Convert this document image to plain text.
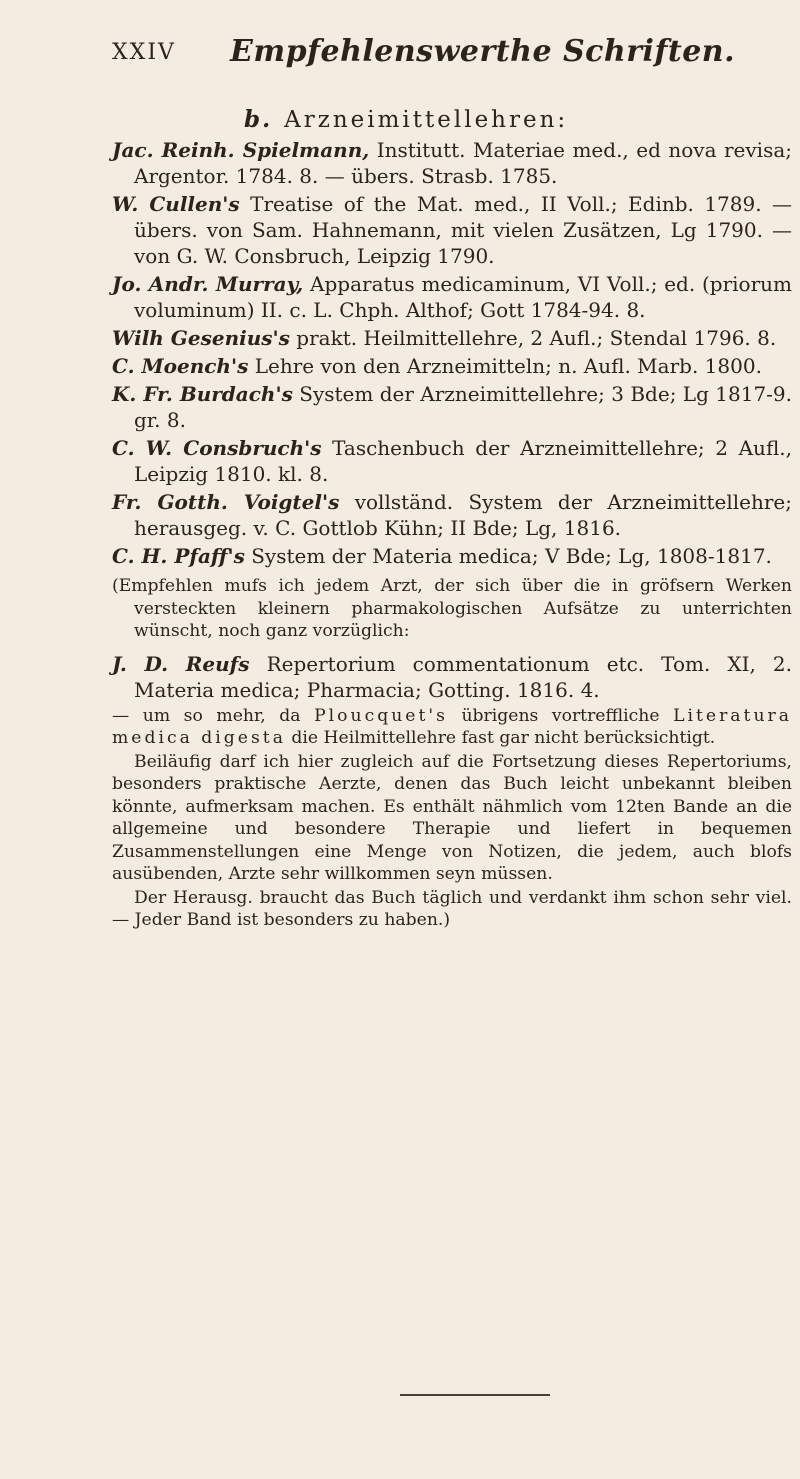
XXIV Empfehlenswerthe Schriften.

b. Arzneimittellehren:

Jac. Reinh. Spielmann, Institutt. Materiae med., ed nova revisa; Argentor. 1784. 8. — übers. Strasb. 1785.

W. Cullen's Treatise of the Mat. med., II Voll.; Edinb. 1789. — übers. von Sam. Hahnemann, mit vielen Zusätzen, Lg 1790. — von G. W. Consbruch, Leipzig 1790.

Jo. Andr. Murray, Apparatus medicaminum, VI Voll.; ed. (priorum voluminum) II. c. L. Chph. Althof; Gott 1784-94. 8.

Wilh Gesenius's prakt. Heilmittellehre, 2 Aufl.; Stendal 1796. 8.

C. Moench's Lehre von den Arzneimitteln; n. Aufl. Marb. 1800.

K. Fr. Burdach's System der Arzneimittellehre; 3 Bde; Lg 1817-9. gr. 8.

C. W. Consbruch's Taschenbuch der Arzneimittellehre; 2 Aufl., Leipzig 1810. kl. 8.

Fr. Gotth. Voigtel's vollständ. System der Arzneimittellehre; herausgeg. v. C. Gottlob Kühn; II Bde; Lg, 1816.

C. H. Pfaff's System der Materia medica; V Bde; Lg, 1808-1817.

(Empfehlen mufs ich jedem Arzt, der sich über die in gröfsern Werken versteckten kleinern pharmakologischen Aufsätze zu unterrichten wünscht, noch ganz vorzüglich:

J. D. Reufs Repertorium commentationum etc. Tom. XI, 2. Materia medica; Pharmacia; Gotting. 1816. 4.

— um so mehr, da Ploucquet's übrigens vortreffliche Literatura medica digesta die Heilmittellehre fast gar nicht berücksichtigt.

Beiläufig darf ich hier zugleich auf die Fortsetzung dieses Repertoriums, besonders praktische Aerzte, denen das Buch leicht unbekannt bleiben könnte, aufmerksam machen. Es enthält nähmlich vom 12ten Bande an die allgemeine und besondere Therapie und liefert in bequemen Zusammenstellungen eine Menge von Notizen, die jedem, auch blofs ausübenden, Arzte sehr willkommen seyn müssen.

Der Herausg. braucht das Buch täglich und verdankt ihm schon sehr viel. — Jeder Band ist besonders zu haben.)
